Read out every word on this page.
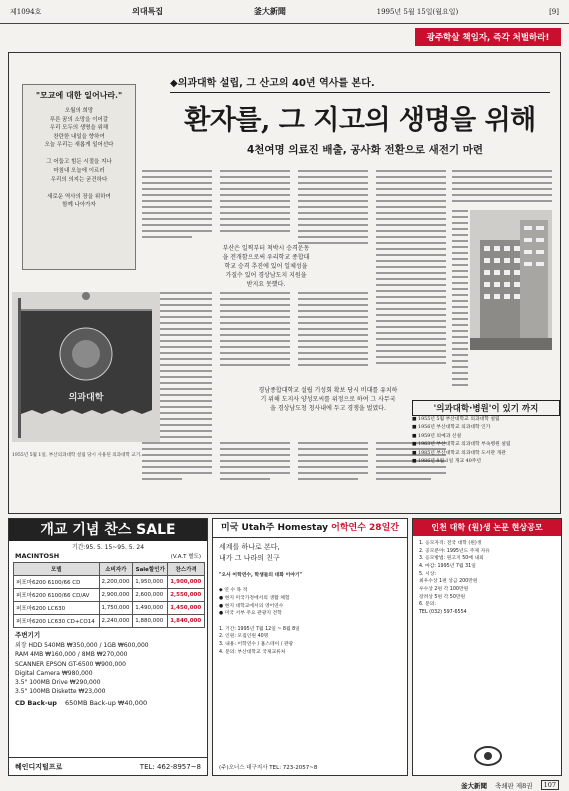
제1094호	의대특집	釜大新聞	1995년 5월 15일(월요일)	[9]
광주학살 책임자, 즉각 처벌하라!
"모교에 대한 일어나라."
오월의 희망
푸른 꿈의 소망을 이어갈
우리 모두의 생명을 위해
찬란한 내일을 향하여
오늘 우리는 새롭게 일어선다

그 어둡고 힘든 시절을 지나
마침내 오늘에 이르러
우리의 의지는 굳건하다

새로운 역사의 장을 위하여
함께 나아가자
◆의과대학 설립, 그 산고의 40년 역사를 본다.
환자를, 그 지고의 생명을 위해
4천여명 의료진 배출, 공사화 전환으로 새전기 마련
부산은 일찍부터 척박시 승격운동을 전개함으로써 우리학교 종합대학교 승격 추진에 있어 일체성을 가질수 있어 경상남도지 지원을 받지요 못했다.
경남종합대학교 설립 기성회 확보 당시 비대를 유치하기 위해 도지사 양성모씨를 위정으로 하여 그 사무국을 경상남도청 청사내에 두고 경쟁을 벌였다.
의과대학
1955년 5월 1일, 부산의과대학 설립 당시 사용된 의과대학 교기.
'의과대학·병원'이 있기 까지
■ 1955년 5월 부산대학교 의과대학 설립
■ 1956년 부산대학교 의과대학 인가
■ 1959년 의예과 신설
■ 1963년 부산대학교 의과대학 부속병원 설립
■ 1985년 부산대학교 의과대학 도서관 개관
■ 1986년 8월 1일 개교 40주년
개교 기념 찬스 SALE
기간:95. 5. 15~95. 5. 24
MACINTOSH	(V.A.T 별도)
모델	소비자가	Sale할인가	찬스가격
퍼포마6200 6100/66 CD	2,200,000	1,950,000	1,900,000
퍼포마6200 6100/66 CD/AV	2,900,000	2,600,000	2,550,000
퍼포마6200 LC630	1,750,000	1,490,000	1,450,000
퍼포마6200 LC630 CD+CO14	2,240,000	1,880,000	1,840,000
주변기기
외장 HDD 540MB ₩350,000 / 1GB ₩600,000
RAM 4MB ₩160,000 / 8MB ₩270,000
SCANNER EPSON GT-6500 ₩900,000
Digital Camera ₩980,000
3.5" 100MB Drive ₩290,000
3.5" 100MB Diskette ₩23,000
CD Back-up 650MB Back-up ₩40,000
혜인디지털프로	TEL: 462-8957~8
미국 Utah주 Homestay 어학연수 28일간
세계를 하나로 본다,
내가 그 나라의 친구

"오사 어학연수, 학생들의 대화 이야기"

◆ 연 수 목 적
● 현지 미국가정에서의 생활 체험
● 현지 대학교에서의 영어연수
● 미국 서부 주요 관광지 견학

1. 기간: 1995년 7월 12일 ~ 8월 8일
2. 인원: 모집인원 40명
3. 내용: 어학연수 / 홈스테이 / 관광
4. 문의: 부산대학교 국제교류처
(주)오너스 대구지사 TEL: 723-2057~8
인천 대학 (원)생 논문 현상공모
1. 응모자격: 전국 대학 (원)생
2. 공모분야: 1995년도 주제 자유
3. 응모방법: 원고지 50매 내외
4. 마감: 1995년 7월 31일
5. 시상:
최우수상 1편 상금 200만원
우수상 2편 각 100만원
장려상 5편 각 50만원
6. 문의:
TEL (032) 597-6554
釜大新聞 축쇄판 제8권	107
